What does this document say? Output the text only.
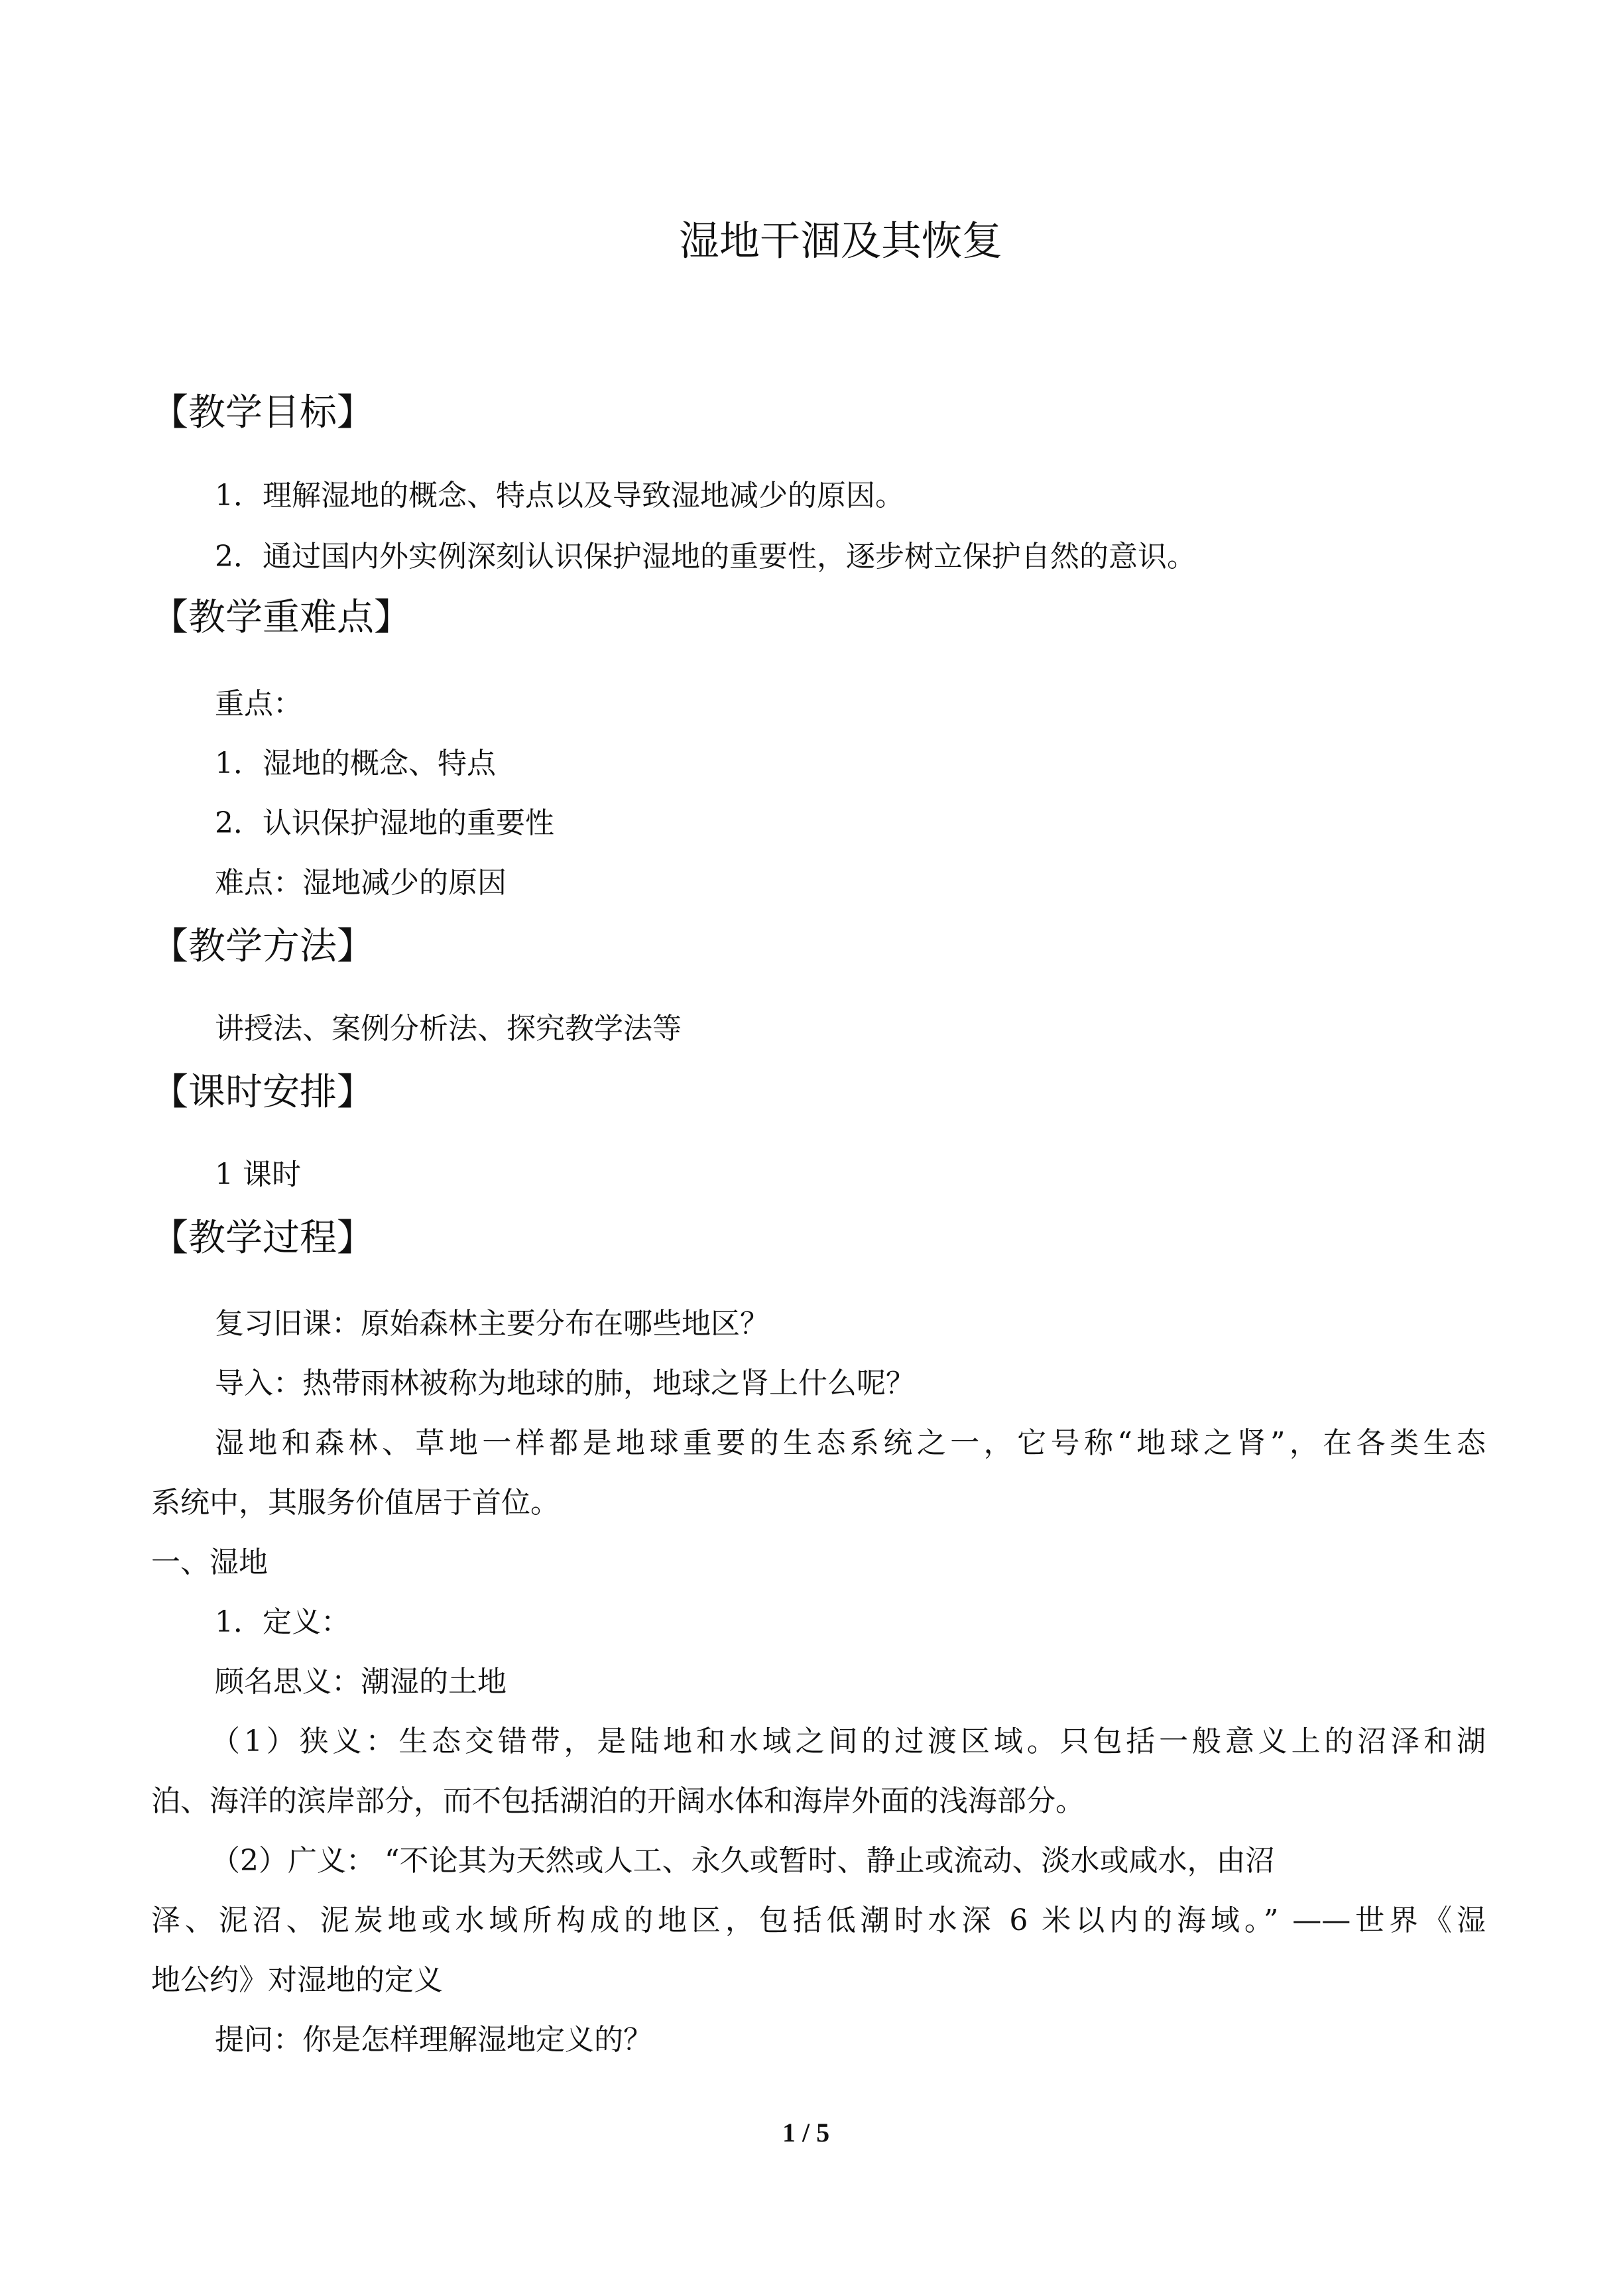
湿地干涸及其恢复
【教学目标】
1．理解湿地的概念、特点以及导致湿地减少的原因。
2．通过国内外实例深刻认识保护湿地的重要性，逐步树立保护自然的意识。
【教学重难点】
重点：
1．湿地的概念、特点
2．认识保护湿地的重要性
难点：湿地减少的原因
【教学方法】
讲授法、案例分析法、探究教学法等
【课时安排】
1 课时
【教学过程】
复习旧课：原始森林主要分布在哪些地区？
导入：热带雨林被称为地球的肺，地球之肾上什么呢？
湿地和森林、草地一样都是地球重要的生态系统之一，它号称“地球之肾”，在各类生态
系统中，其服务价值居于首位。
一、湿地
1．定义：
顾名思义：潮湿的土地
（1）狭义：生态交错带，是陆地和水域之间的过渡区域。只包括一般意义上的沼泽和湖
泊、海洋的滨岸部分，而不包括湖泊的开阔水体和海岸外面的浅海部分。
（2）广义： “不论其为天然或人工、永久或暂时、静止或流动、淡水或咸水，由沼
泽、泥沼、泥炭地或水域所构成的地区，包括低潮时水深 6 米以内的海域。” ——世界《湿
地公约》对湿地的定义
提问：你是怎样理解湿地定义的？
1 / 5
